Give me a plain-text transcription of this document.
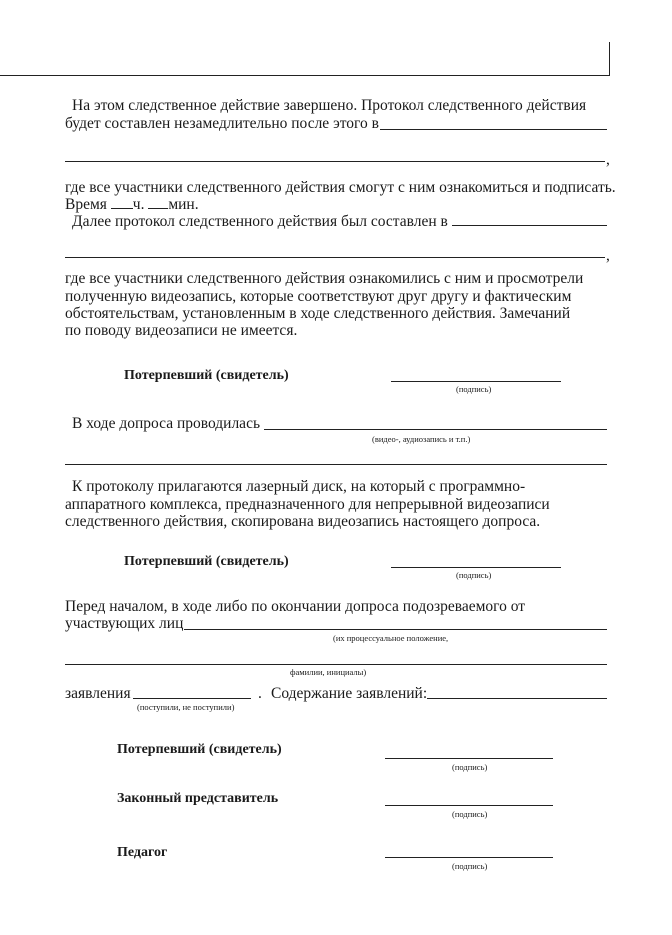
На этом следственное действие завершено. Протокол следственного действия
будет составлен незамедлительно после этого в
,
где все участники следственного действия смогут с ним ознакомиться и подписать.
Время ч. мин.
Далее протокол следственного действия был составлен в
,
где все участники следственного действия ознакомились с ним и просмотрели
полученную видеозапись, которые соответствуют друг другу и фактическим
обстоятельствам, установленным в ходе следственного действия. Замечаний
по поводу видеозаписи не имеется.
Потерпевший (свидетель)
(подпись)
В ходе допроса проводилась
(видео-, аудиозапись и т.п.)
К протоколу прилагаются лазерный диск, на который с программно-
аппаратного комплекса, предназначенного для непрерывной видеозаписи
следственного действия, скопирована видеозапись настоящего допроса.
Потерпевший (свидетель)
(подпись)
Перед началом, в ходе либо по окончании допроса подозреваемого от
участвующих лиц
(их процессуальное положение,
фамилии, инициалы)
заявления
(поступили, не поступили)
. Содержание заявлений:
Потерпевший (свидетель)
(подпись)
Законный представитель
(подпись)
Педагог
(подпись)
